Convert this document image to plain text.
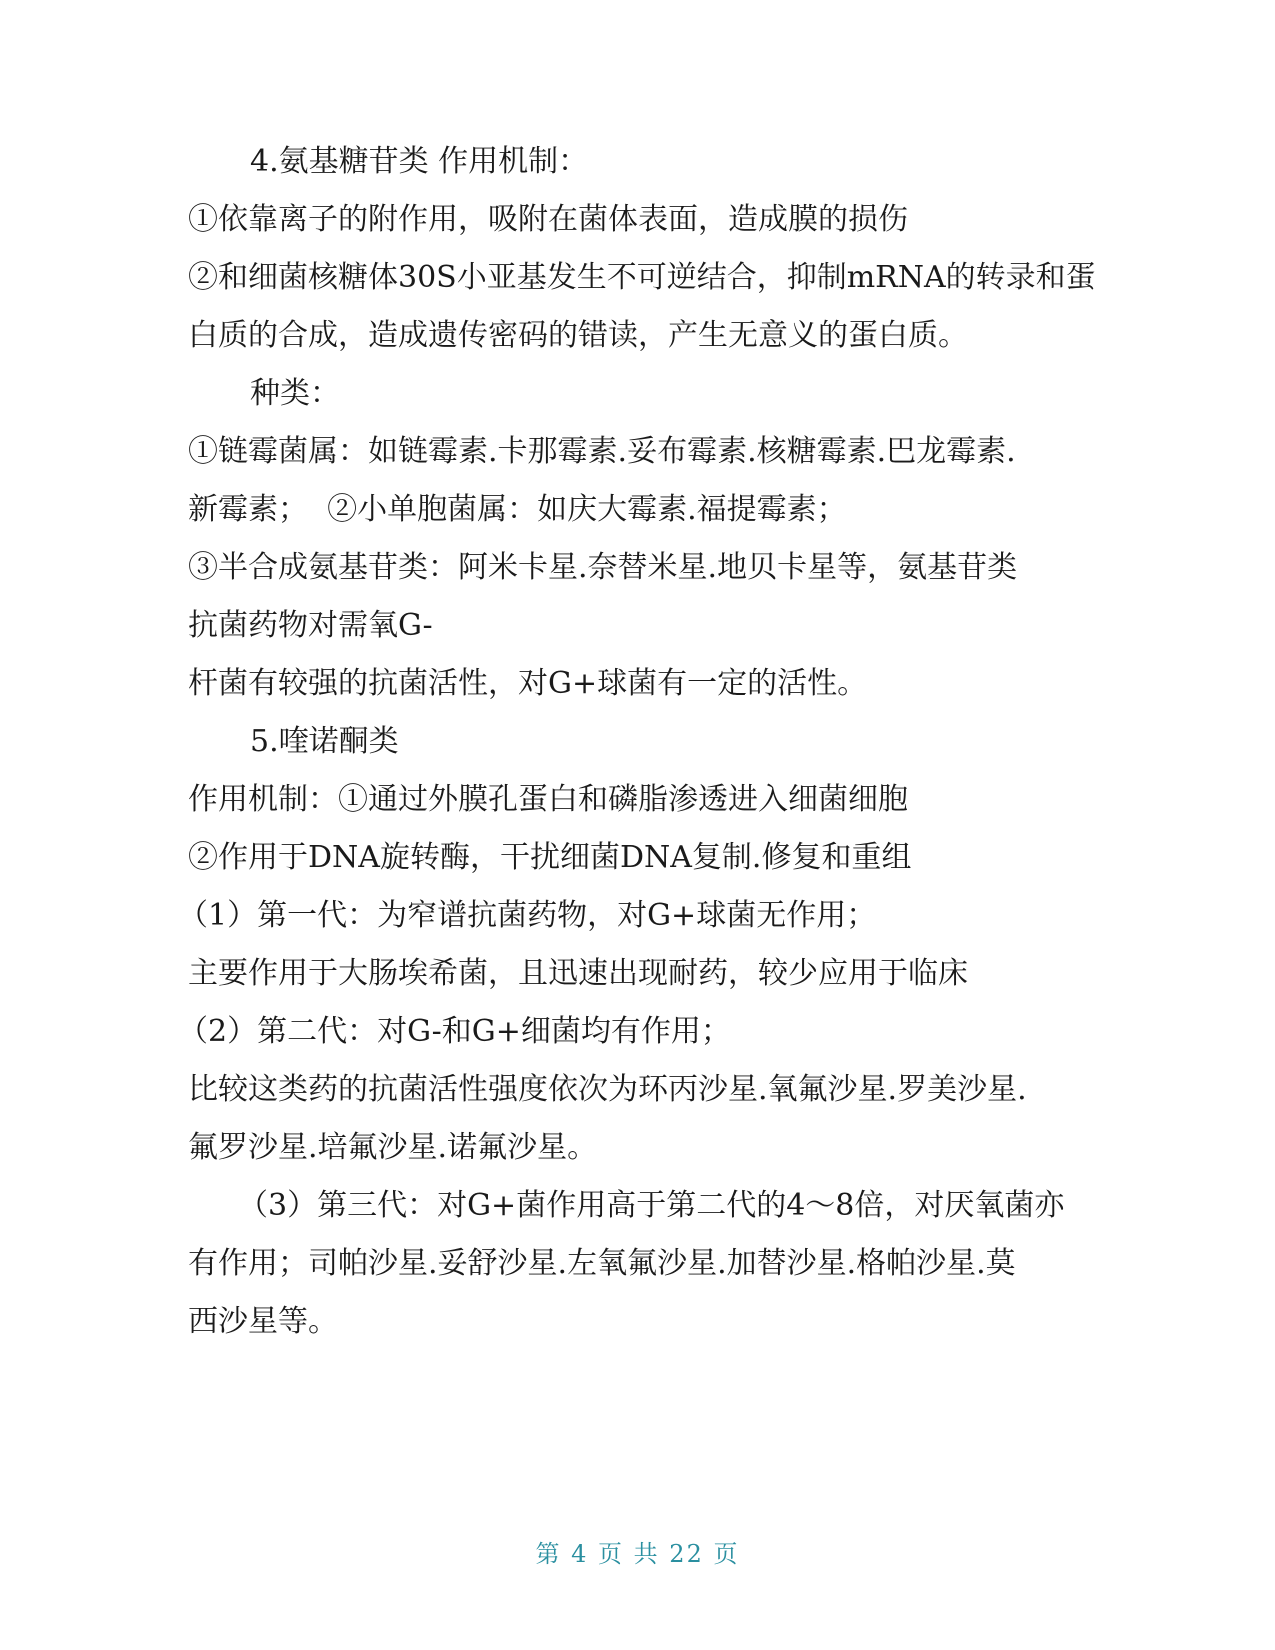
4.氨基糖苷类 作用机制：

①依靠离子的附作用，吸附在菌体表面，造成膜的损伤

②和细菌核糖体30S小亚基发生不可逆结合，抑制mRNA的转录和蛋

白质的合成，造成遗传密码的错读，产生无意义的蛋白质。

种类：

①链霉菌属：如链霉素.卡那霉素.妥布霉素.核糖霉素.巴龙霉素.

新霉素；  ②小单胞菌属：如庆大霉素.福提霉素；

③半合成氨基苷类：阿米卡星.奈替米星.地贝卡星等，氨基苷类

抗菌药物对需氧G-

杆菌有较强的抗菌活性，对G+球菌有一定的活性。

5.喹诺酮类

作用机制：①通过外膜孔蛋白和磷脂渗透进入细菌细胞

②作用于DNA旋转酶，干扰细菌DNA复制.修复和重组

（1）第一代：为窄谱抗菌药物，对G+球菌无作用；

主要作用于大肠埃希菌，且迅速出现耐药，较少应用于临床

（2）第二代：对G-和G+细菌均有作用；

比较这类药的抗菌活性强度依次为环丙沙星.氧氟沙星.罗美沙星.

氟罗沙星.培氟沙星.诺氟沙星。

（3）第三代：对G+菌作用高于第二代的4～8倍，对厌氧菌亦

有作用；司帕沙星.妥舒沙星.左氧氟沙星.加替沙星.格帕沙星.莫

西沙星等。

第 4 页 共 22 页
